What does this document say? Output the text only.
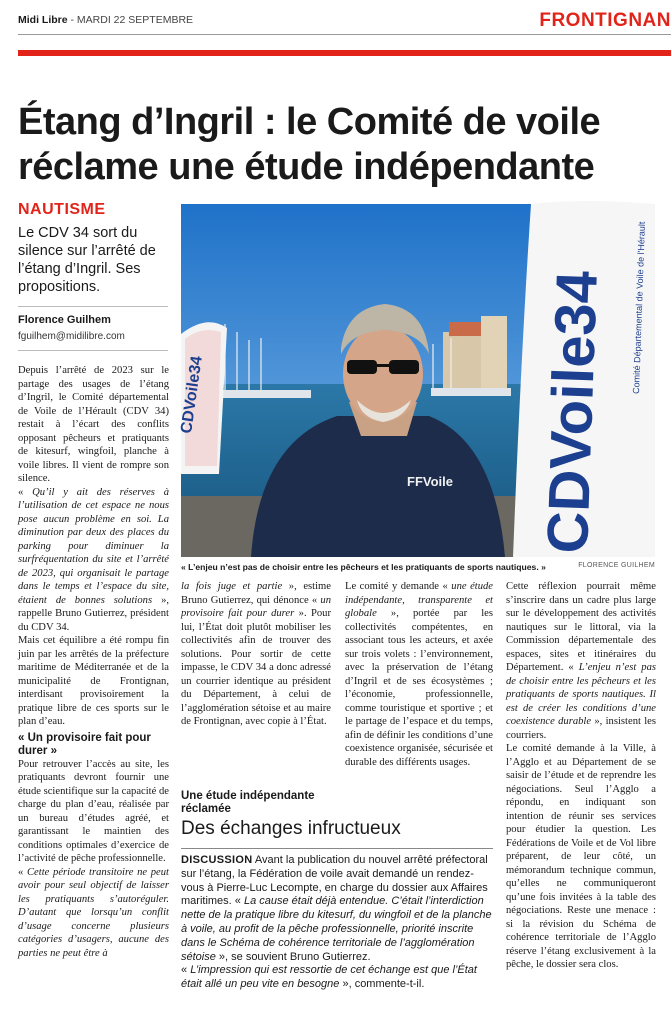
Midi Libre - MARDI 22 SEPTEMBRE	FRONTIGNAN
Étang d’Ingril : le Comité de voile réclame une étude indépendante
NAUTISME

Le CDV 34 sort du silence sur l’arrêté de l’étang d’Ingril. Ses propositions.

Florence Guilhem
fguilhem@midilibre.com
CDVoile34	CDVoile34 Comité Départemental de Voile de l'Hérault
FFVoile
« L’enjeu n’est pas de choisir entre les pêcheurs et les pratiquants de sports nautiques. »	FLORENCE GUILHEM

Depuis l’arrêté de 2023 sur le partage des usages de l’étang d’Ingril, le Comité départemental de Voile de l’Hérault (CDV 34) restait à l’écart des conflits opposant pêcheurs et pratiquants de kitesurf, wingfoil, planche à voile libres. Il vient de rompre son silence.

« Qu’il y ait des réserves à l’utilisation de cet espace ne nous pose aucun problème en soi. La diminution par deux des places du parking pour diminuer la surfréquentation du site et l’arrêté de 2023, qui organisait le partage dans le temps et l’espace du site, étaient de bonnes solutions », rappelle Bruno Gutierrez, président du CDV 34.

Mais cet équilibre a été rompu fin juin par les arrêtés de la préfecture maritime de Méditerranée et de la municipalité de Frontignan, interdisant provisoirement la pratique libre de ces sports sur le plan d’eau.

« Un provisoire fait pour durer »

Pour retrouver l’accès au site, les pratiquants devront fournir une étude scientifique sur la capacité de charge du plan d’eau, réalisée par un bureau d’études agréé, et garantissant le maintien des conditions optimales d’exercice de l’activité de pêche professionnelle.

« Cette période transitoire ne peut avoir pour seul objectif de laisser les pratiquants s’autoréguler. D’autant que lorsqu’un conflit d’usage concerne plusieurs catégories d’usagers, aucune des parties ne peut être à

la fois juge et partie », estime Bruno Gutierrez, qui dénonce « un provisoire fait pour durer ». Pour lui, l’État doit plutôt mobiliser les collectivités afin de trouver des solutions. Pour sortir de cette impasse, le CDV 34 a donc adressé un courrier identique au président du Département, à celui de l’agglomération sétoise et au maire de Frontignan, avec copie à l’État.

Une étude indépendante réclamée

Le comité y demande « une étude indépendante, transparente et globale », portée par les collectivités compétentes, en associant tous les acteurs, et axée sur trois volets : l’environnement, avec la préservation de l’étang d’Ingril et de ses écosystèmes ; l’économie, professionnelle, comme touristique et sportive ; et le partage de l’espace et du temps, afin de définir les conditions d’une coexistence organisée, sécurisée et durable des différents usages.

Cette réflexion pourrait même s’inscrire dans un cadre plus large sur le développement des activités nautiques sur le littoral, via la Commission départementale des espaces, sites et itinéraires du Département. « L’enjeu n’est pas de choisir entre les pêcheurs et les pratiquants de sports nautiques. Il est de créer les conditions d’une coexistence durable », insistent les courriers.

Le comité demande à la Ville, à l’Agglo et au Département de se saisir de l’étude et de reprendre les négociations. Seul l’Agglo a répondu, en indiquant son intention de réunir ses services pour étudier la question. Les Fédérations de Voile et de Vol libre préparent, de leur côté, un mémorandum technique commun, qu’elles ne communiqueront qu’une fois invitées à la table des négociations. Reste une menace : si la révision du Schéma de cohérence territoriale de l’Agglo réserve l’étang exclusivement à la pêche, le dossier sera clos.

Des échanges infructueux
DISCUSSION Avant la publication du nouvel arrêté préfectoral sur l’étang, la Fédération de voile avait demandé un rendez-vous à Pierre-Luc Lecompte, en charge du dossier aux Affaires maritimes. « La cause était déjà entendue. C’était l’interdiction nette de la pratique libre du kitesurf, du wingfoil et de la planche à voile, au profit de la pêche professionnelle, priorité inscrite dans le Schéma de cohérence territoriale de l’agglomération sétoise », se souvient Bruno Gutierrez.
« L’impression qui est ressortie de cet échange est que l’État était allé un peu vite en besogne », commente-t-il.
